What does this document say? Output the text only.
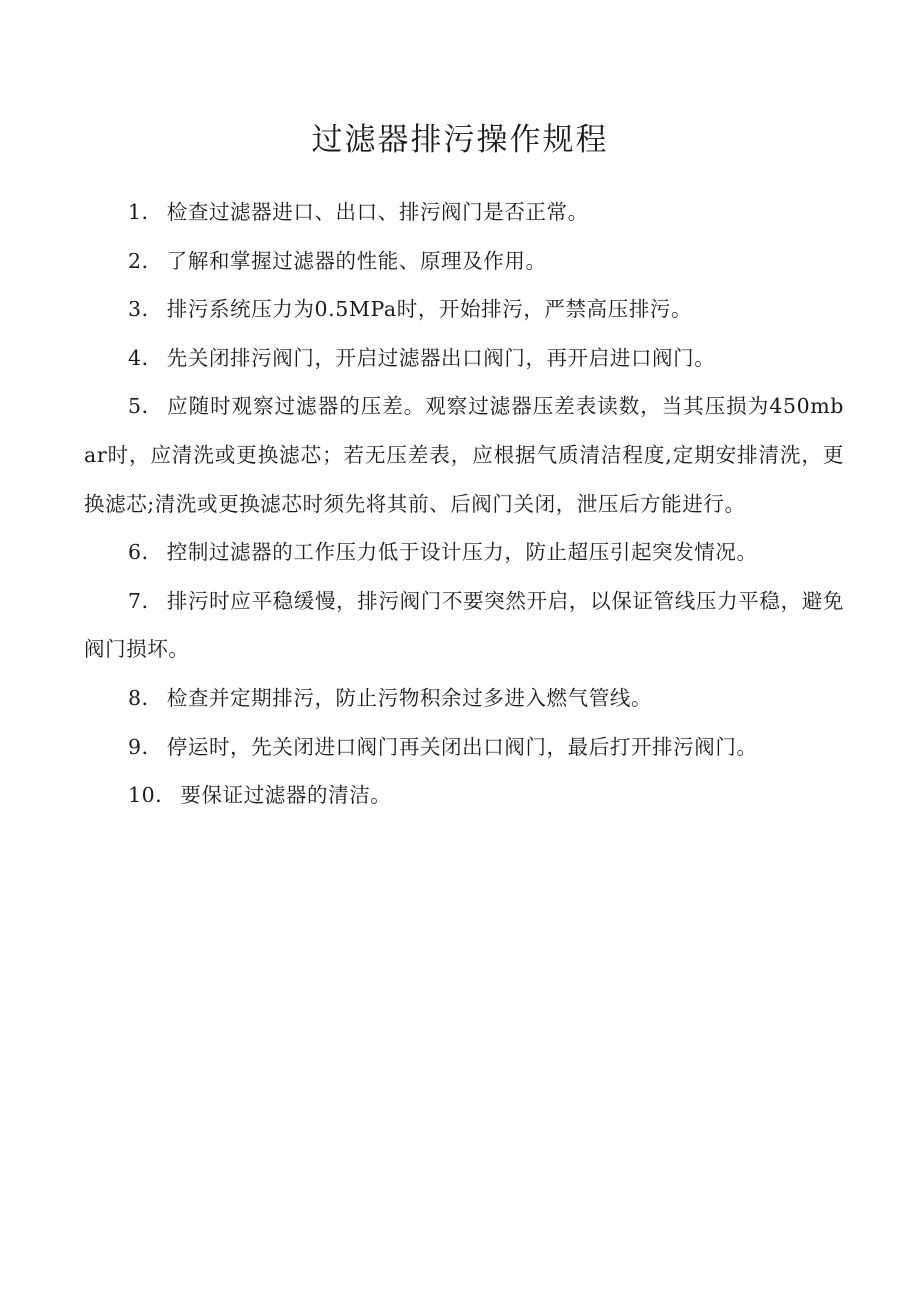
过滤器排污操作规程
1． 检查过滤器进口、出口、排污阀门是否正常。
2． 了解和掌握过滤器的性能、原理及作用。
3． 排污系统压力为0.5MPa时，开始排污，严禁高压排污。
4． 先关闭排污阀门，开启过滤器出口阀门，再开启进口阀门。
5． 应随时观察过滤器的压差。观察过滤器压差表读数，当其压损为450mbar时，应清洗或更换滤芯；若无压差表，应根据气质清洁程度,定期安排清洗，更换滤芯;清洗或更换滤芯时须先将其前、后阀门关闭，泄压后方能进行。
6． 控制过滤器的工作压力低于设计压力，防止超压引起突发情况。
7． 排污时应平稳缓慢，排污阀门不要突然开启，以保证管线压力平稳，避免阀门损坏。
8． 检查并定期排污，防止污物积余过多进入燃气管线。
9． 停运时，先关闭进口阀门再关闭出口阀门，最后打开排污阀门。
10． 要保证过滤器的清洁。
